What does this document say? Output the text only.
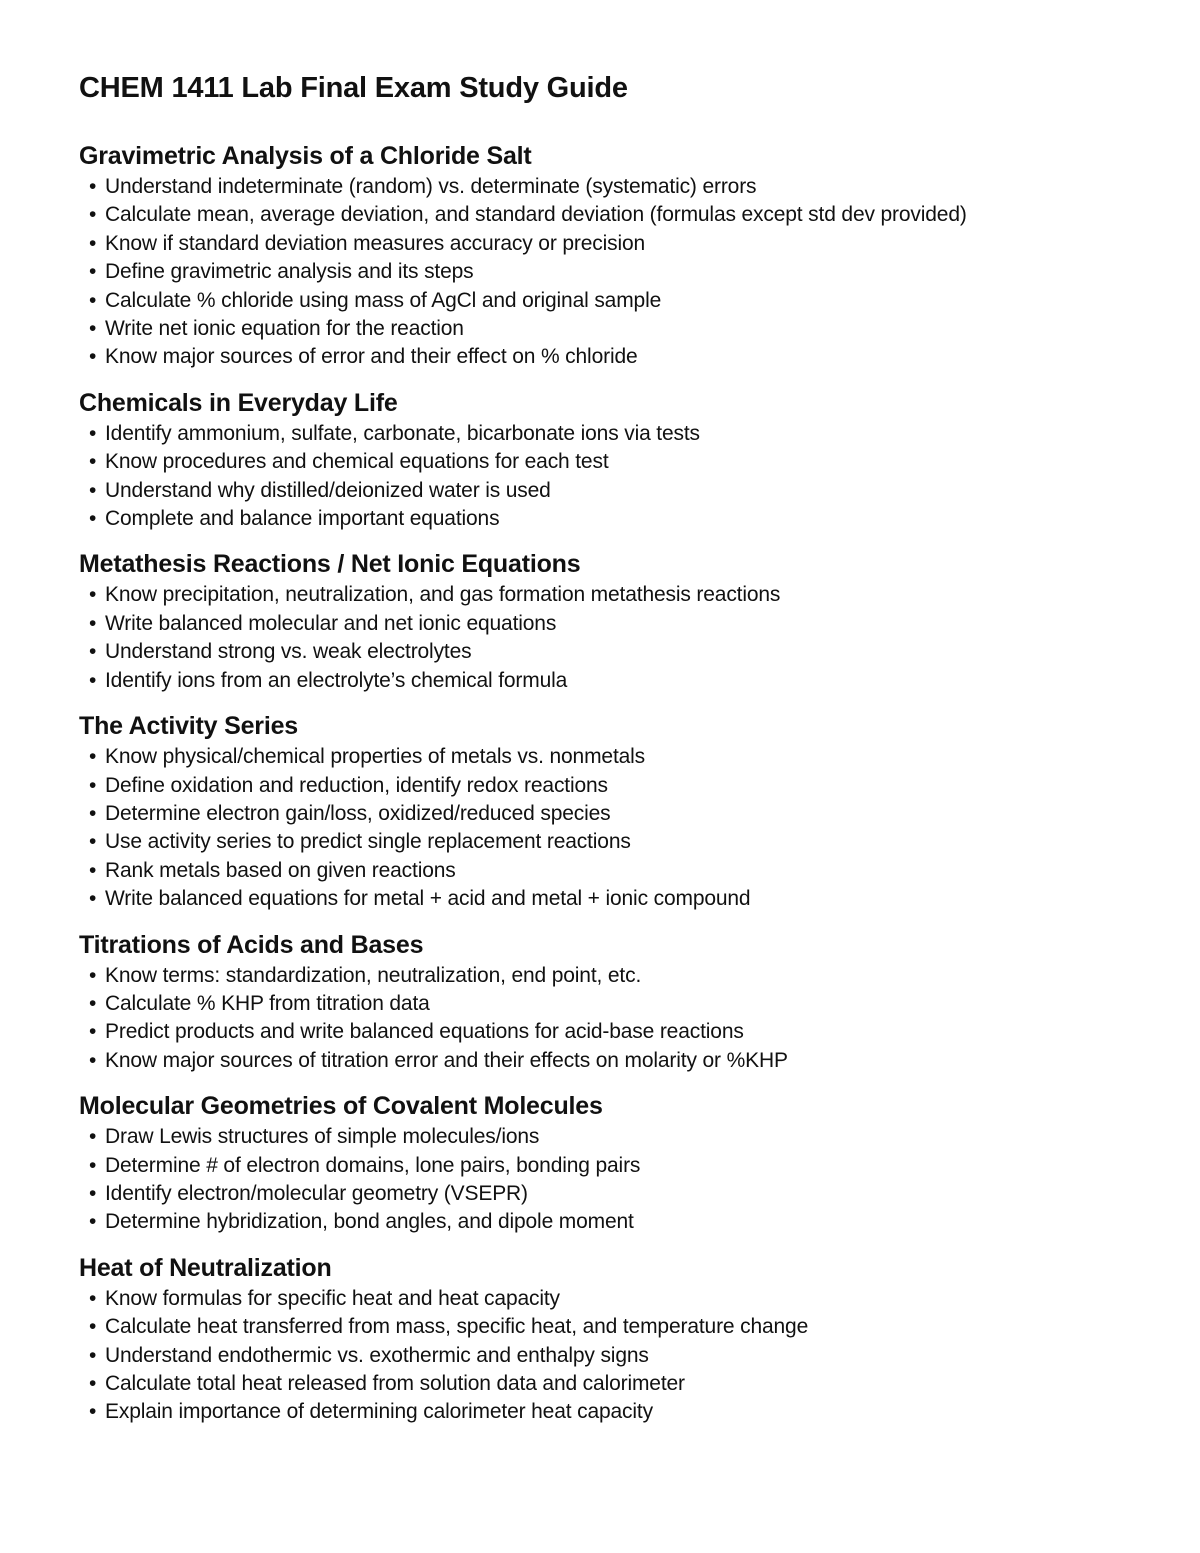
CHEM 1411 Lab Final Exam Study Guide
Gravimetric Analysis of a Chloride Salt
• Understand indeterminate (random) vs. determinate (systematic) errors
• Calculate mean, average deviation, and standard deviation (formulas except std dev provided)
• Know if standard deviation measures accuracy or precision
• Define gravimetric analysis and its steps
• Calculate % chloride using mass of AgCl and original sample
• Write net ionic equation for the reaction
• Know major sources of error and their effect on % chloride
Chemicals in Everyday Life
• Identify ammonium, sulfate, carbonate, bicarbonate ions via tests
• Know procedures and chemical equations for each test
• Understand why distilled/deionized water is used
• Complete and balance important equations
Metathesis Reactions / Net Ionic Equations
• Know precipitation, neutralization, and gas formation metathesis reactions
• Write balanced molecular and net ionic equations
• Understand strong vs. weak electrolytes
• Identify ions from an electrolyte’s chemical formula
The Activity Series
• Know physical/chemical properties of metals vs. nonmetals
• Define oxidation and reduction, identify redox reactions
• Determine electron gain/loss, oxidized/reduced species
• Use activity series to predict single replacement reactions
• Rank metals based on given reactions
• Write balanced equations for metal + acid and metal + ionic compound
Titrations of Acids and Bases
• Know terms: standardization, neutralization, end point, etc.
• Calculate % KHP from titration data
• Predict products and write balanced equations for acid-base reactions
• Know major sources of titration error and their effects on molarity or %KHP
Molecular Geometries of Covalent Molecules
• Draw Lewis structures of simple molecules/ions
• Determine # of electron domains, lone pairs, bonding pairs
• Identify electron/molecular geometry (VSEPR)
• Determine hybridization, bond angles, and dipole moment
Heat of Neutralization
• Know formulas for specific heat and heat capacity
• Calculate heat transferred from mass, specific heat, and temperature change
• Understand endothermic vs. exothermic and enthalpy signs
• Calculate total heat released from solution data and calorimeter
• Explain importance of determining calorimeter heat capacity
